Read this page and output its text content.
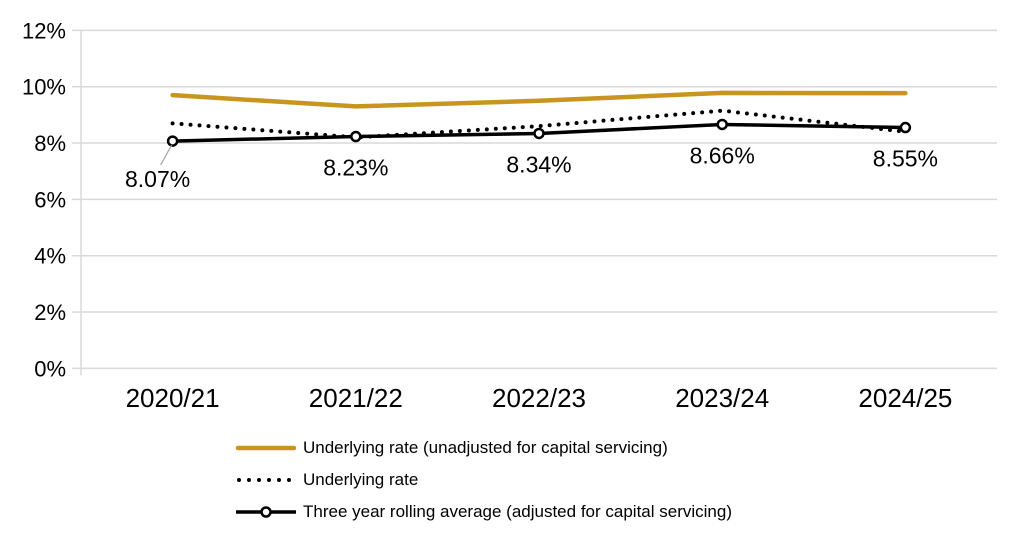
0%
2%
4%
6%
8%
10%
12%
2020/21	2021/22	2022/23	2023/24	2024/25
8.07%	8.23%	8.34%	8.66%	8.55%
Underlying rate (unadjusted for capital servicing)
Underlying rate
Three year rolling average (adjusted for capital servicing)
